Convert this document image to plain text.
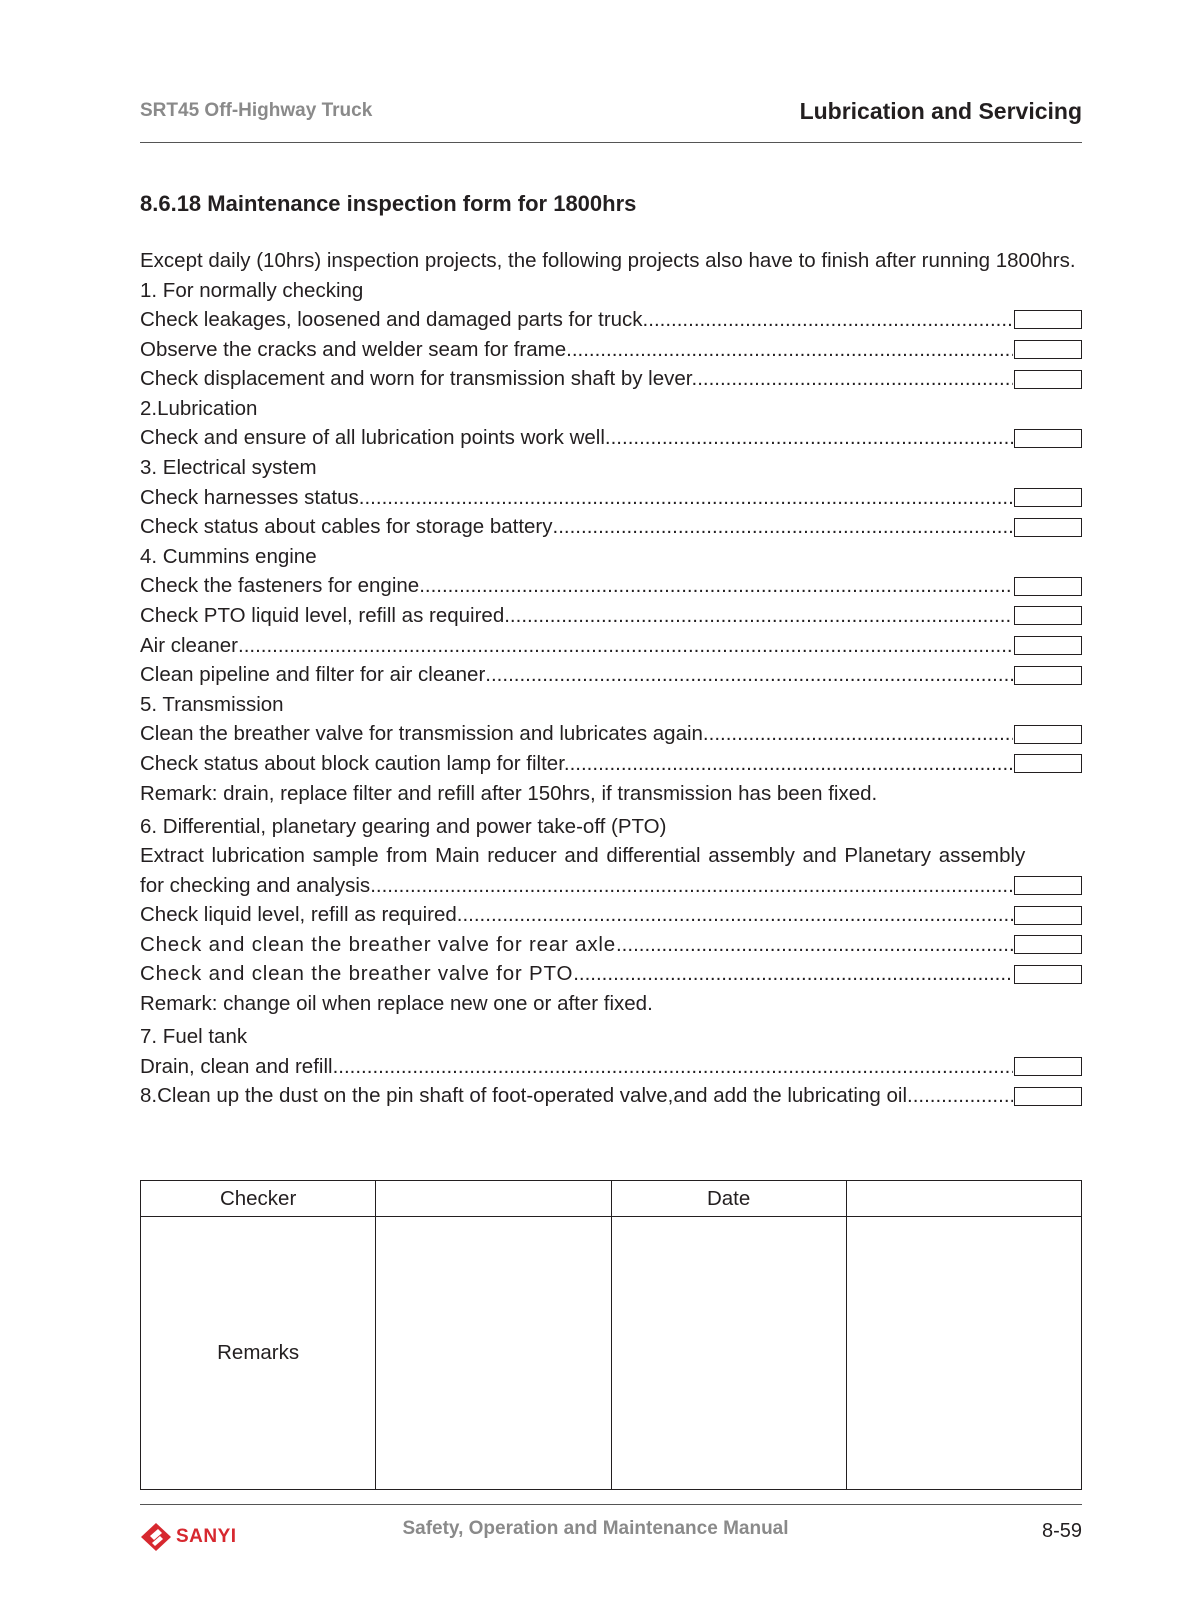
SRT45 Off-Highway Truck	Lubrication and Servicing
8.6.18 Maintenance inspection form for 1800hrs
Except daily (10hrs) inspection projects, the following projects also have to finish after running 1800hrs.
1. For normally checking
Check leakages, loosened and damaged parts for truck.
.....
Observe the cracks and welder seam for frame
.....
Check displacement and worn for transmission shaft by lever.
.....
2.Lubrication
Check and ensure of all lubrication points work well
.....
3. Electrical system
Check harnesses status.
.....
Check status about cables for storage battery
.....
4. Cummins engine
Check the fasteners for engine
.....
Check PTO liquid level, refill as required
.....
Air cleaner
.....
Clean pipeline and filter for air cleaner
.....
5. Transmission
Clean the breather valve for transmission and lubricates again.
.....
Check status about block caution lamp for filter.
.....
Remark: drain, replace filter and refill after 150hrs, if transmission has been fixed.
6. Differential, planetary gearing and power take-off (PTO)
Extract lubrication sample from Main reducer and differential assembly and Planetary assembly
for checking and analysis
.....
Check liquid level, refill as required
.....
Check and clean the breather valve for rear axle
.....
Check and clean the breather valve for PTO
.....
Remark: change oil when replace new one or after fixed.
7. Fuel tank
Drain, clean and refill
.....
8.Clean up the dust on the pin shaft of foot-operated valve,and add the lubricating oil
.....
Checker		Date	
Remarks			
SANYI	Safety, Operation and Maintenance Manual	8-59
